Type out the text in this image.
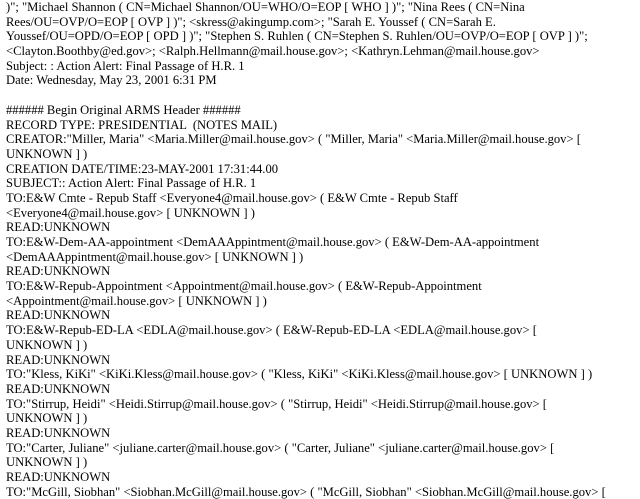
)"; "Michael Shannon ( CN=Michael Shannon/OU=WHO/O=EOP [ WHO ] )"; "Nina Rees ( CN=Nina
Rees/OU=OVP/O=EOP [ OVP ] )"; <skress@akingump.com>; "Sarah E. Youssef ( CN=Sarah E.
Youssef/OU=OPD/O=EOP [ OPD ] )"; "Stephen S. Ruhlen ( CN=Stephen S. Ruhlen/OU=OVP/O=EOP [ OVP ] )";
<Clayton.Boothby@ed.gov>; <Ralph.Hellmann@mail.house.gov>; <Kathryn.Lehman@mail.house.gov>
Subject: : Action Alert: Final Passage of H.R. 1
Date: Wednesday, May 23, 2001 6:31 PM
###### Begin Original ARMS Header ######
RECORD TYPE: PRESIDENTIAL  (NOTES MAIL)
CREATOR:"Miller, Maria" <Maria.Miller@mail.house.gov> ( "Miller, Maria" <Maria.Miller@mail.house.gov> [
UNKNOWN ] )
CREATION DATE/TIME:23-MAY-2001 17:31:44.00
SUBJECT:: Action Alert: Final Passage of H.R. 1
TO:E&W Cmte - Repub Staff <Everyone4@mail.house.gov> ( E&W Cmte - Repub Staff
<Everyone4@mail.house.gov> [ UNKNOWN ] )
READ:UNKNOWN
TO:E&W-Dem-AA-appointment <DemAAAppintment@mail.house.gov> ( E&W-Dem-AA-appointment
<DemAAAppintment@mail.house.gov> [ UNKNOWN ] )
READ:UNKNOWN
TO:E&W-Repub-Appointment <Appointment@mail.house.gov> ( E&W-Repub-Appointment
<Appointment@mail.house.gov> [ UNKNOWN ] )
READ:UNKNOWN
TO:E&W-Repub-ED-LA <EDLA@mail.house.gov> ( E&W-Repub-ED-LA <EDLA@mail.house.gov> [
UNKNOWN ] )
READ:UNKNOWN
TO:"Kless, KiKi" <KiKi.Kless@mail.house.gov> ( "Kless, KiKi" <KiKi.Kless@mail.house.gov> [ UNKNOWN ] )
READ:UNKNOWN
TO:"Stirrup, Heidi" <Heidi.Stirrup@mail.house.gov> ( "Stirrup, Heidi" <Heidi.Stirrup@mail.house.gov> [
UNKNOWN ] )
READ:UNKNOWN
TO:"Carter, Juliane" <juliane.carter@mail.house.gov> ( "Carter, Juliane" <juliane.carter@mail.house.gov> [
UNKNOWN ] )
READ:UNKNOWN
TO:"McGill, Siobhan" <Siobhan.McGill@mail.house.gov> ( "McGill, Siobhan" <Siobhan.McGill@mail.house.gov> [
